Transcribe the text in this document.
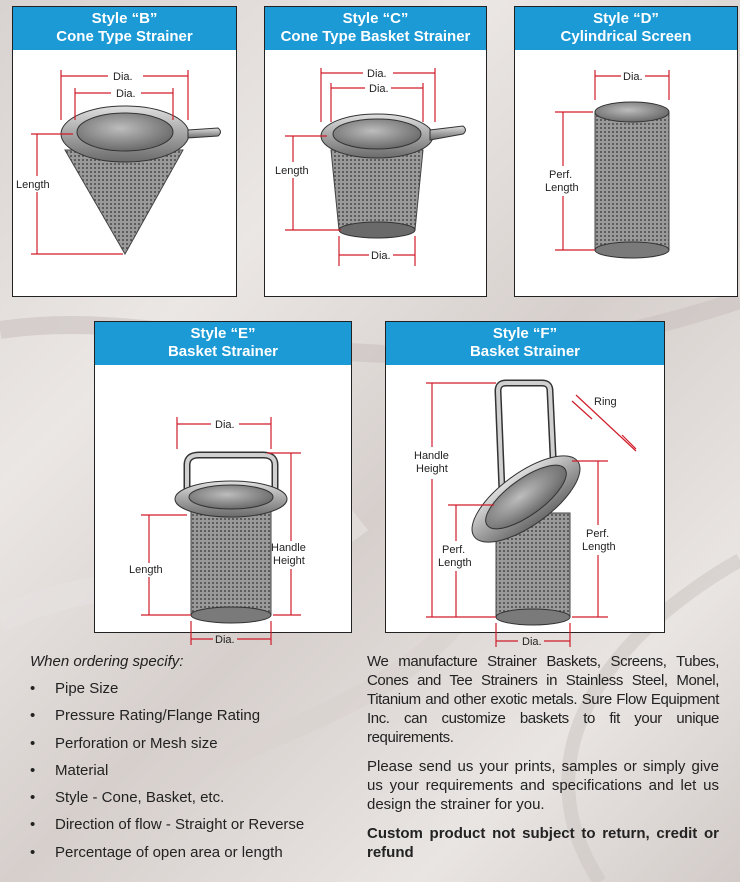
Style “B”
Cone Type Strainer
Dia.
Dia.
Length
Style “C”
Cone Type Basket Strainer
Dia.
Dia.
Length
Dia.
Style “D”
Cylindrical Screen
Dia.
Perf.
Length
Style “E”
Basket Strainer
Dia.
Length
Handle
Height
Dia.
Style “F”
Basket Strainer
Ring
Handle
Height
Perf.
Length
Perf.
Length
Dia.
When ordering specify:
• Pipe Size
• Pressure Rating/Flange Rating
• Perforation or Mesh size
• Material
• Style - Cone, Basket, etc.
• Direction of flow - Straight or Reverse
• Percentage of open area or length

We manufacture Strainer Baskets, Screens, Tubes, Cones and Tee Strainers in Stainless Steel, Monel, Titanium and other exotic metals. Sure Flow Equipment Inc. can customize baskets to fit your unique requirements.

Please send us your prints, samples or simply give us your requirements and specifications and let us design the strainer for you.

Custom product not subject to return, credit or refund
